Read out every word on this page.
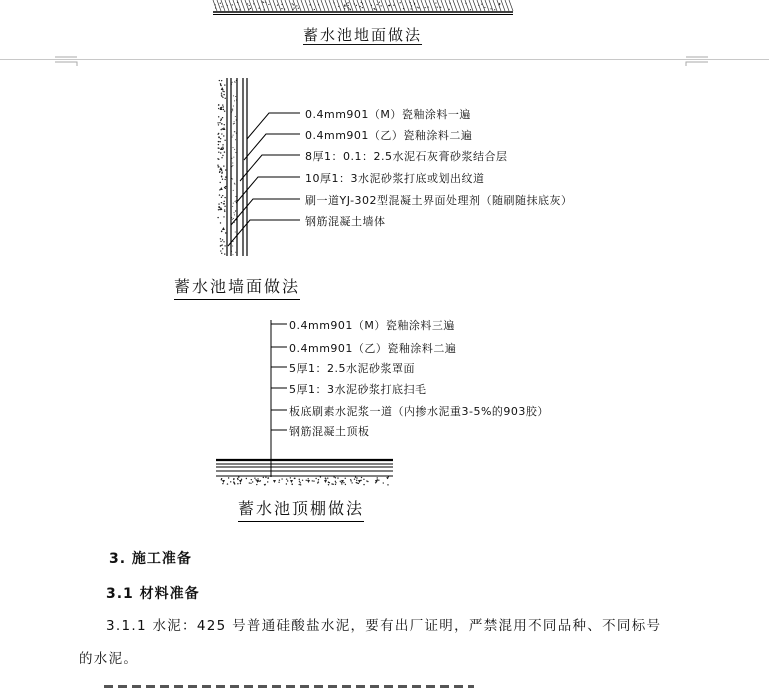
蓄水池地面做法
0.4mm901（M）瓷釉涂料一遍
0.4mm901（乙）瓷釉涂料二遍
8厚1：0.1：2.5水泥石灰膏砂浆结合层
10厚1：3水泥砂浆打底或划出纹道
刷一道YJ-302型混凝土界面处理剂（随刷随抹底灰）
钢筋混凝土墙体
蓄水池墙面做法
0.4mm901（M）瓷釉涂料三遍
0.4mm901（乙）瓷釉涂料二遍
5厚1：2.5水泥砂浆罩面
5厚1：3水泥砂浆打底扫毛
板底刷素水泥浆一道（内掺水泥重3-5%的903胶）
钢筋混凝土顶板
蓄水池顶棚做法
3. 施工准备
3.1 材料准备
3.1.1 水泥：425 号普通硅酸盐水泥，要有出厂证明，严禁混用不同品种、不同标号
的水泥。
